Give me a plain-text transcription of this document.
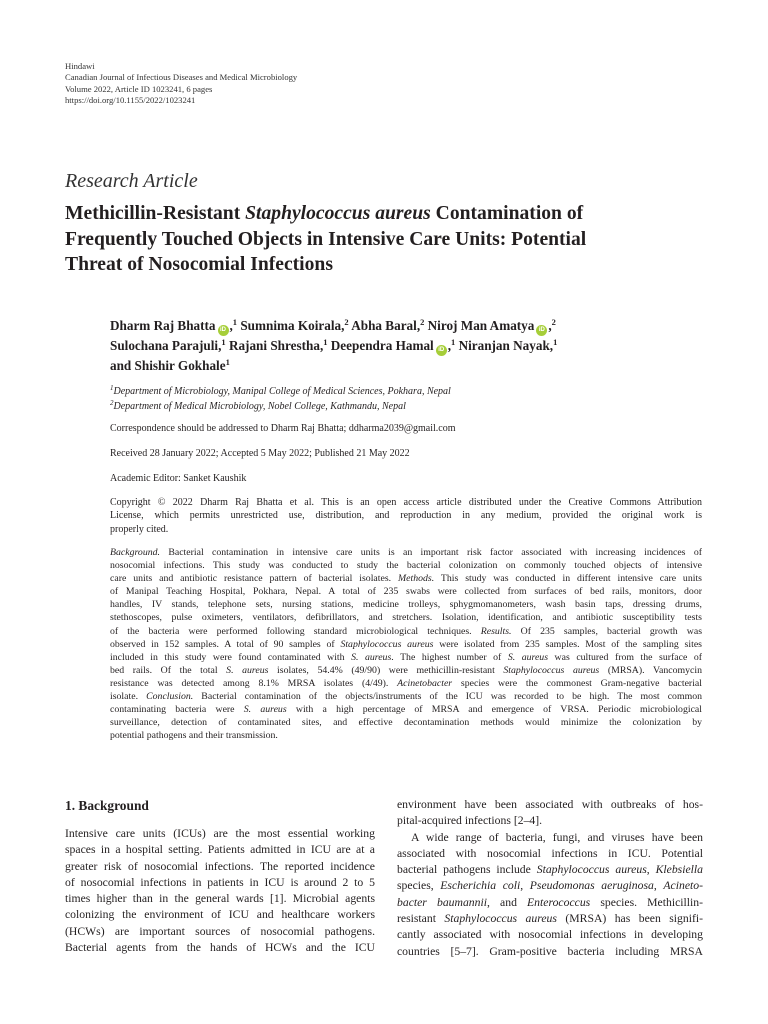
Hindawi
Canadian Journal of Infectious Diseases and Medical Microbiology
Volume 2022, Article ID 1023241, 6 pages
https://doi.org/10.1155/2022/1023241
Research Article
Methicillin-Resistant Staphylococcus aureus Contamination of
Frequently Touched Objects in Intensive Care Units: Potential
Threat of Nosocomial Infections
Dharm Raj Bhatta iD ,$^1$ Sumnima Koirala,$^2$ Abha Baral,$^2$ Niroj Man Amatya iD ,$^2$
Sulochana Parajuli,$^1$ Rajani Shrestha,$^1$ Deependra Hamal iD ,$^1$ Niranjan Nayak,$^1$
and Shishir Gokhale$^1$
$^1$Department of Microbiology, Manipal College of Medical Sciences, Pokhara, Nepal
$^2$Department of Medical Microbiology, Nobel College, Kathmandu, Nepal
Correspondence should be addressed to Dharm Raj Bhatta; ddharma2039@gmail.com
Received 28 January 2022; Accepted 5 May 2022; Published 21 May 2022
Academic Editor: Sanket Kaushik
Copyright © 2022 Dharm Raj Bhatta et al. This is an open access article distributed under the Creative Commons Attribution
License, which permits unrestricted use, distribution, and reproduction in any medium, provided the original work is
properly cited.
Background. Bacterial contamination in intensive care units is an important risk factor associated with increasing incidences of
nosocomial infections. This study was conducted to study the bacterial colonization on commonly touched objects of intensive
care units and antibiotic resistance pattern of bacterial isolates. Methods. This study was conducted in different intensive care units
of Manipal Teaching Hospital, Pokhara, Nepal. A total of 235 swabs were collected from surfaces of bed rails, monitors, door
handles, IV stands, telephone sets, nursing stations, medicine trolleys, sphygmomanometers, wash basin taps, dressing drums,
stethoscopes, pulse oximeters, ventilators, defibrillators, and stretchers. Isolation, identification, and antibiotic susceptibility tests
of the bacteria were performed following standard microbiological techniques. Results. Of 235 samples, bacterial growth was
observed in 152 samples. A total of 90 samples of Staphylococcus aureus were isolated from 235 samples. Most of the sampling sites
included in this study were found contaminated with S. aureus. The highest number of S. aureus was cultured from the surface of
bed rails. Of the total S. aureus isolates, 54.4% (49/90) were methicillin-resistant Staphylococcus aureus (MRSA). Vancomycin
resistance was detected among 8.1% MRSA isolates (4/49). Acinetobacter species were the commonest Gram-negative bacterial
isolate. Conclusion. Bacterial contamination of the objects/instruments of the ICU was recorded to be high. The most common
contaminating bacteria were S. aureus with a high percentage of MRSA and emergence of VRSA. Periodic microbiological
surveillance, detection of contaminated sites, and effective decontamination methods would minimize the colonization by
potential pathogens and their transmission.
1. Background
Intensive care units (ICUs) are the most essential working
spaces in a hospital setting. Patients admitted in ICU are at a
greater risk of nosocomial infections. The reported incidence
of nosocomial infections in patients in ICU is around 2 to 5
times higher than in the general wards [1]. Microbial agents
colonizing the environment of ICU and healthcare workers
(HCWs) are important sources of nosocomial pathogens.
Bacterial agents from the hands of HCWs and the ICU
environment have been associated with outbreaks of hos-
pital-acquired infections [2–4].
A wide range of bacteria, fungi, and viruses have been
associated with nosocomial infections in ICU. Potential
bacterial pathogens include Staphylococcus aureus, Klebsiella
species, Escherichia coli, Pseudomonas aeruginosa, Acineto-
bacter baumannii, and Enterococcus species. Methicillin-
resistant Staphylococcus aureus (MRSA) has been signifi-
cantly associated with nosocomial infections in developing
countries [5–7]. Gram-positive bacteria including MRSA
